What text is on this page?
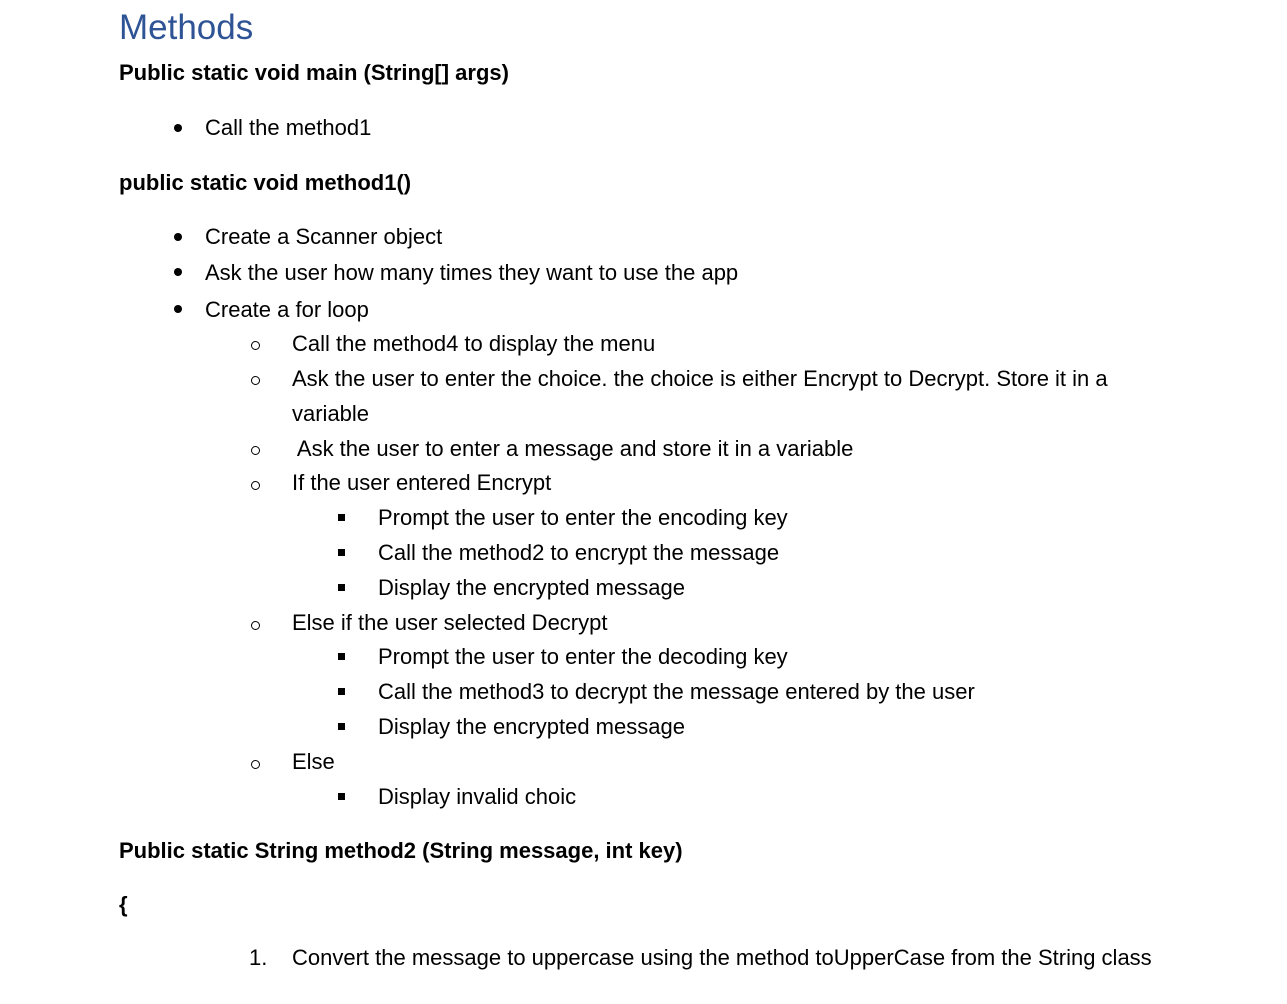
Methods
Public static void main (String[] args)
Call the method1
public static void method1()
Create a Scanner object
Ask the user how many times they want to use the app
Create a for loop
Call the method4 to display the menu
Ask the user to enter the choice. the choice is either Encrypt to Decrypt. Store it in a
variable
Ask the user to enter a message and store it in a variable
If the user entered Encrypt
Prompt the user to enter the encoding key
Call the method2 to encrypt the message
Display the encrypted message
Else if the user selected Decrypt
Prompt the user to enter the decoding key
Call the method3 to decrypt the message entered by the user
Display the encrypted message
Else
Display invalid choic
Public static String method2 (String message, int key)
{
1. Convert the message to uppercase using the method toUpperCase from the String class
